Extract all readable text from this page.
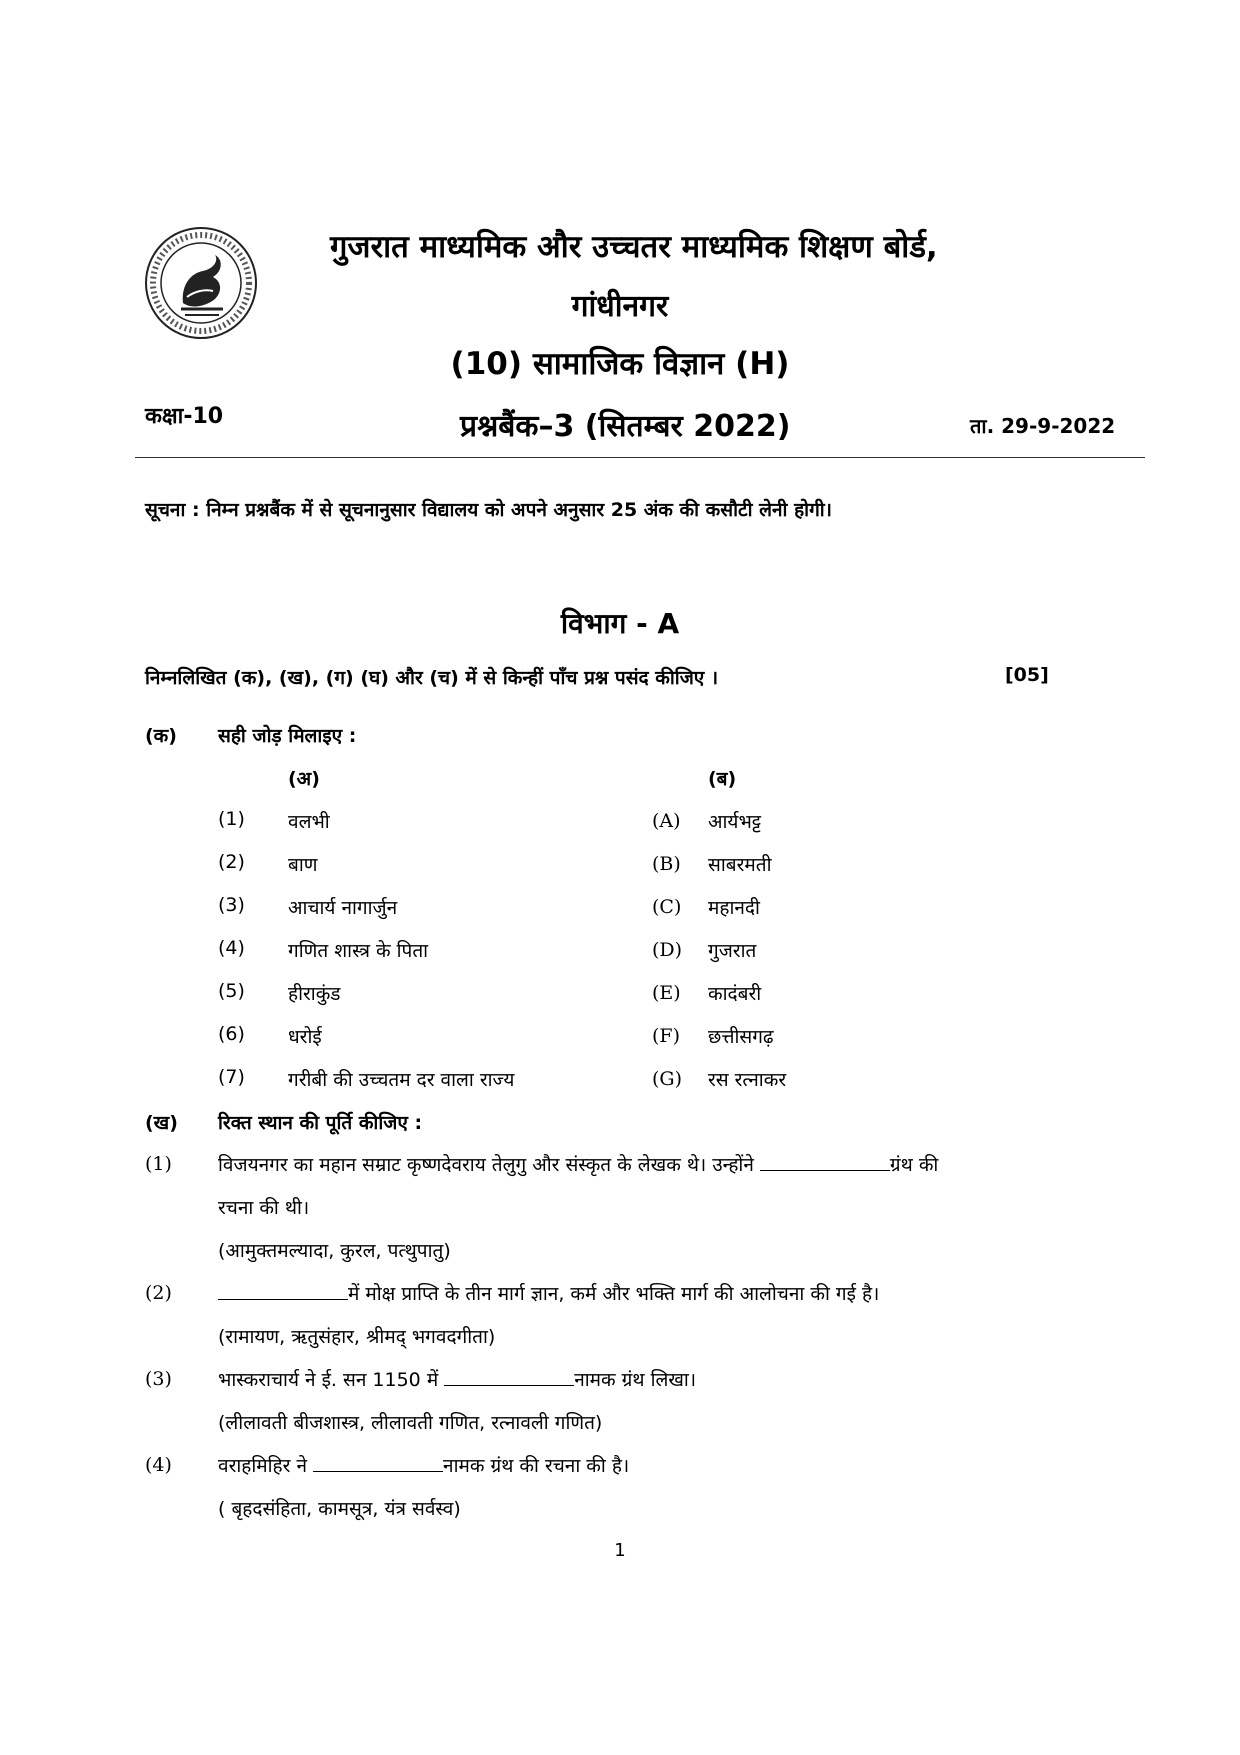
गुजरात माध्यमिक और उच्चतर माध्यमिक शिक्षण बोर्ड,
गांधीनगर
(10) सामाजिक विज्ञान (H)
कक्षा-10	प्रश्नबैंक–3 (सितम्बर 2022)	ता. 29-9-2022
सूचना : निम्न प्रश्नबैंक में से सूचनानुसार विद्यालय को अपने अनुसार 25 अंक की कसौटी लेनी होगी।
विभाग - A
निम्नलिखित (क), (ख), (ग) (घ) और (च) में से किन्हीं पाँच प्रश्न पसंद कीजिए ।	[05]
(क) सही जोड़ मिलाइए :
(अ)	(ब)
(1) वलभी	(A) आर्यभट्ट
(2) बाण	(B) साबरमती
(3) आचार्य नागार्जुन	(C) महानदी
(4) गणित शास्त्र के पिता	(D) गुजरात
(5) हीराकुंड	(E) कादंबरी
(6) धरोई	(F) छत्तीसगढ़
(7) गरीबी की उच्चतम दर वाला राज्य	(G) रस रत्नाकर
(ख) रिक्त स्थान की पूर्ति कीजिए :
(1) विजयनगर का महान सम्राट कृष्णदेवराय तेलुगु और संस्कृत के लेखक थे। उन्होंने	ग्रंथ की
रचना की थी।
(आमुक्तमल्यादा, कुरल, पत्थुपातु)
(2)	में मोक्ष प्राप्ति के तीन मार्ग ज्ञान, कर्म और भक्ति मार्ग की आलोचना की गई है।
(रामायण, ऋतुसंहार, श्रीमद् भगवदगीता)
(3) भास्कराचार्य ने ई. सन 1150 में	नामक ग्रंथ लिखा।
(लीलावती बीजशास्त्र, लीलावती गणित, रत्नावली गणित)
(4) वराहमिहिर ने	नामक ग्रंथ की रचना की है।
( बृहदसंहिता, कामसूत्र, यंत्र सर्वस्व)
1
